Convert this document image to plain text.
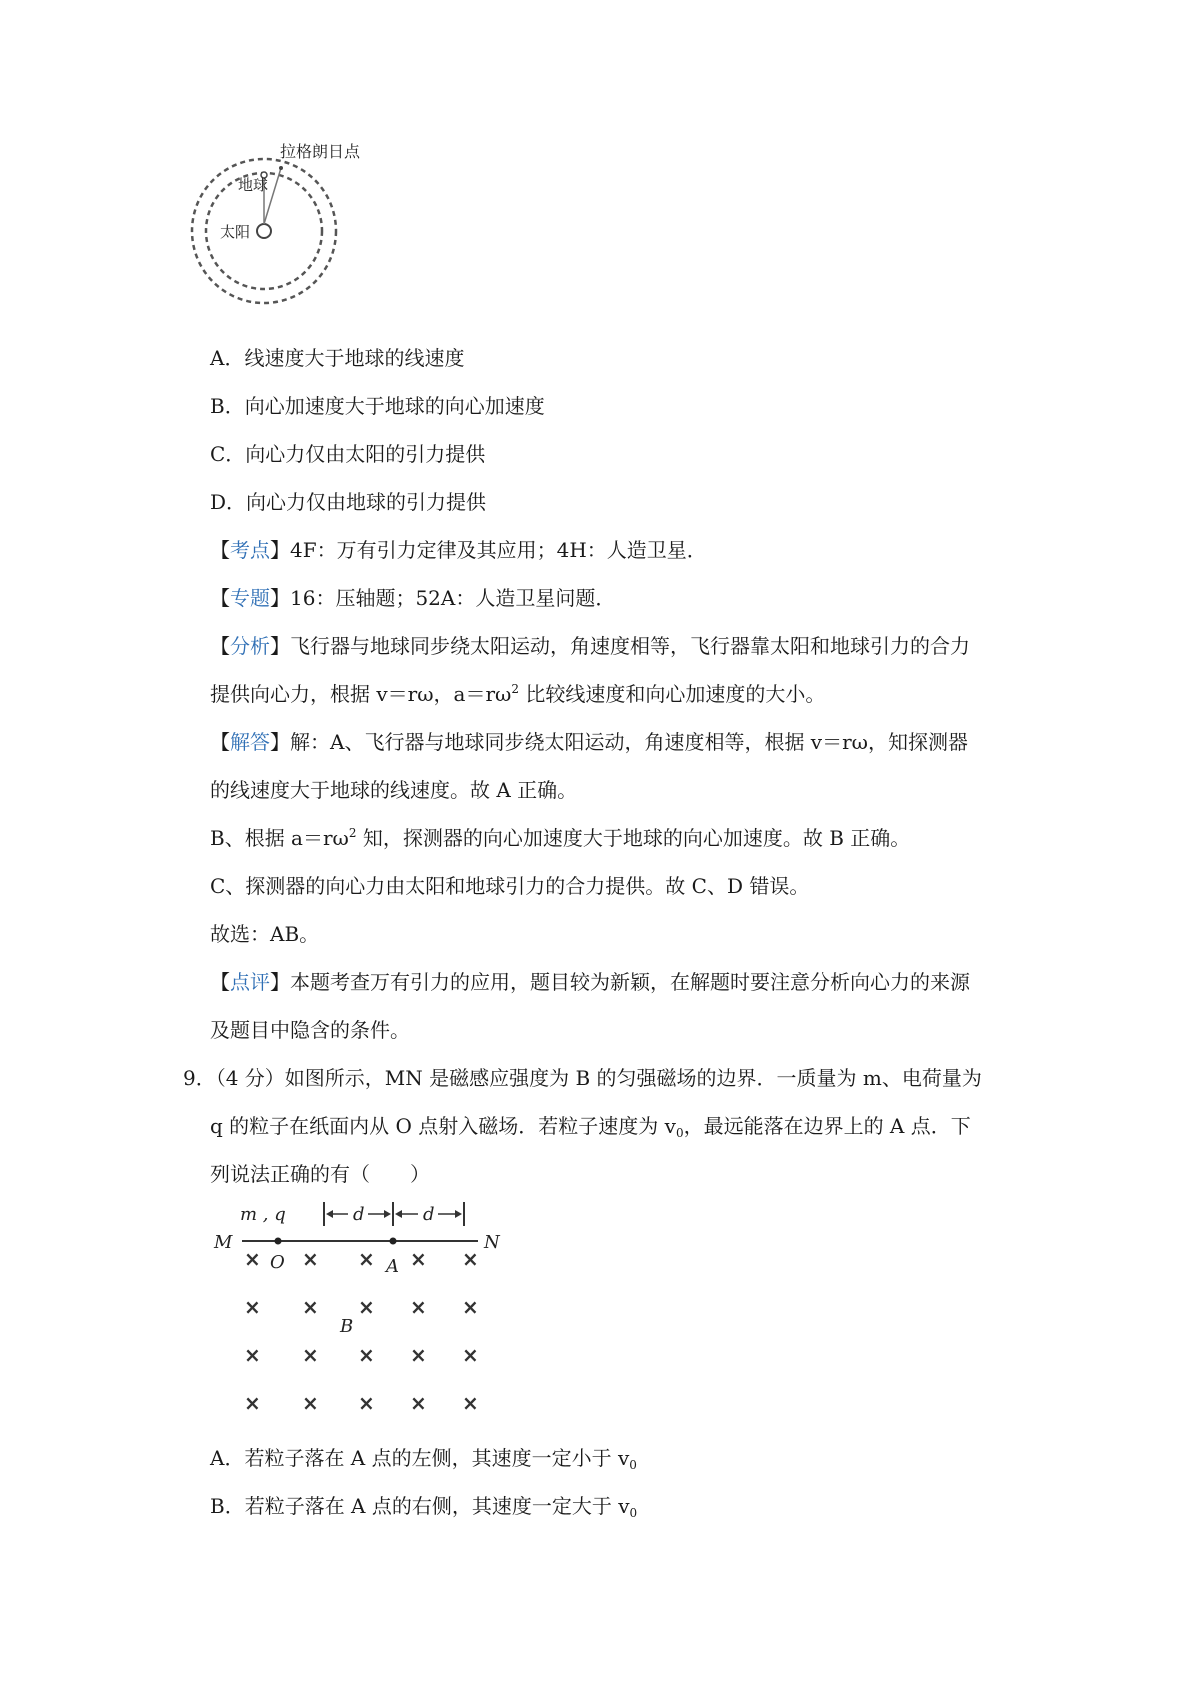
拉格朗日点
地球
太阳
A．线速度大于地球的线速度
B．向心加速度大于地球的向心加速度
C．向心力仅由太阳的引力提供
D．向心力仅由地球的引力提供
【考点】4F：万有引力定律及其应用；4H：人造卫星．
【专题】16：压轴题；52A：人造卫星问题．
【分析】飞行器与地球同步绕太阳运动，角速度相等，飞行器靠太阳和地球引力的合力
提供向心力，根据 v＝rω，$a=r\omega^2$ 比较线速度和向心加速度的大小。
【解答】解：A、飞行器与地球同步绕太阳运动，角速度相等，根据 v＝rω，知探测器
的线速度大于地球的线速度。故 A 正确。
B、根据 $a=r\omega^2$ 知，探测器的向心加速度大于地球的向心加速度。故 B 正确。
C、探测器的向心力由太阳和地球引力的合力提供。故 C、D 错误。
故选：AB。
【点评】本题考查万有引力的应用，题目较为新颖，在解题时要注意分析向心力的来源
及题目中隐含的条件。
9．（4 分）如图所示，MN 是磁感应强度为 B 的匀强磁场的边界．一质量为 m、电荷量为
q 的粒子在纸面内从 O 点射入磁场．若粒子速度为 $v_0$，最远能落在边界上的 A 点．下
列说法正确的有（　　）
d	d
m , q
M	N
O	A
B
× × × × ×
× × × × ×
× × × × ×
× × × × ×
A．若粒子落在 A 点的左侧，其速度一定小于 $v_0$
B．若粒子落在 A 点的右侧，其速度一定大于 $v_0$
